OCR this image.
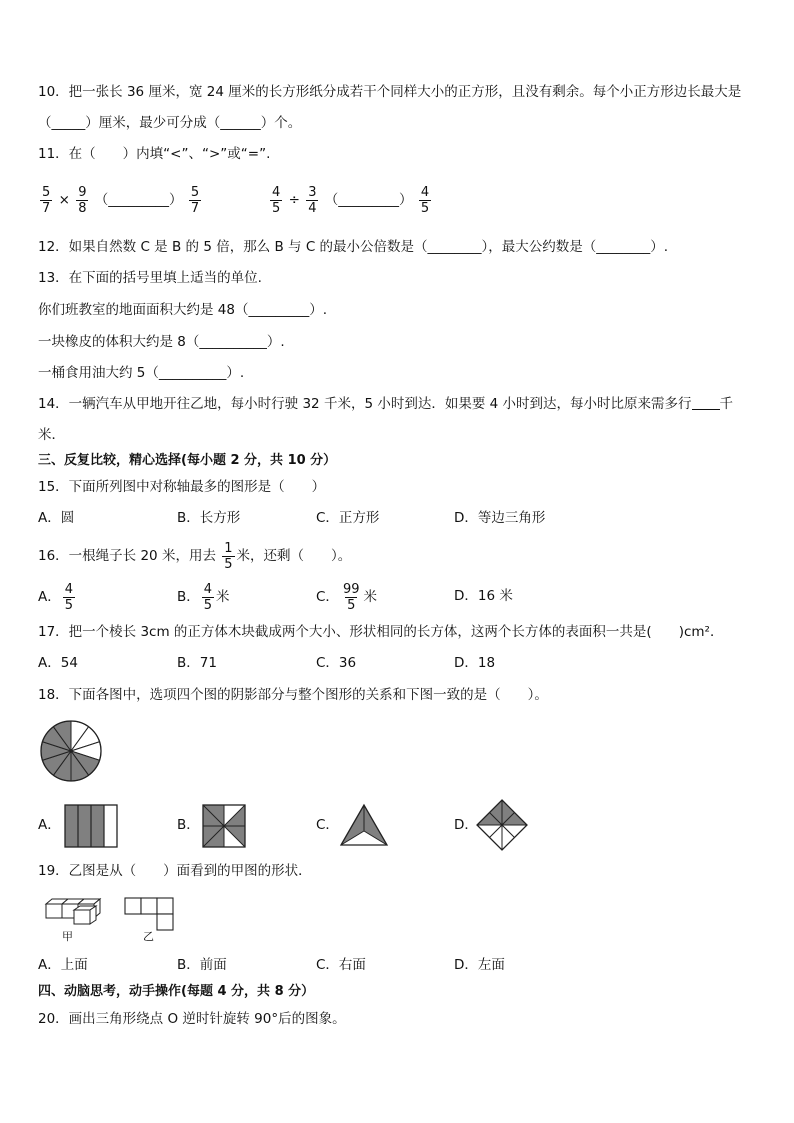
10．把一张长 36 厘米，宽 24 厘米的长方形纸分成若干个同样大小的正方形，且没有剩余。每个小正方形边长最大是
（_____）厘米，最少可分成（______）个。
11．在（　　）内填“<”、“>”或“=”.
$\frac{5}{7} \times \frac{9}{8}$ （_________） $\frac{5}{7}$	$\frac{4}{5} \div \frac{3}{4}$ （_________） $\frac{4}{5}$
12．如果自然数 C 是 B 的 5 倍，那么 B 与 C 的最小公倍数是（________），最大公约数是（________）.
13．在下面的括号里填上适当的单位.
你们班教室的地面面积大约是 48（_________）.
一块橡皮的体积大约是 8（__________）.
一桶食用油大约 5（__________）.
14．一辆汽车从甲地开往乙地，每小时行驶 32 千米，5 小时到达．如果要 4 小时到达，每小时比原来需多行 千
米．
三、反复比较，精心选择(每小题 2 分，共 10 分）
15．下面所列图中对称轴最多的图形是（　　）
A．圆	B．长方形	C．正方形	D．等边三角形
16．一根绳子长 20 米，用去 $\frac{1}{5}$ 米，还剩（　　）。
A． $\frac{4}{5}$	B． $\frac{4}{5}$ 米	C． $\frac{99}{5}$ 米	D．16 米
17．把一个棱长 3cm 的正方体木块截成两个大小、形状相同的长方体，这两个长方体的表面积一共是(　　)cm²．
A．54	B．71	C．36	D．18
18．下面各图中，选项四个图的阴影部分与整个图形的关系和下图一致的是（　　）。
A．	B．	C．	D．
19．乙图是从（　　）面看到的甲图的形状．
甲	乙
A．上面	B．前面	C．右面	D．左面
四、动脑思考，动手操作(每题 4 分，共 8 分）
20．画出三角形绕点 O 逆时针旋转 90°后的图象。
